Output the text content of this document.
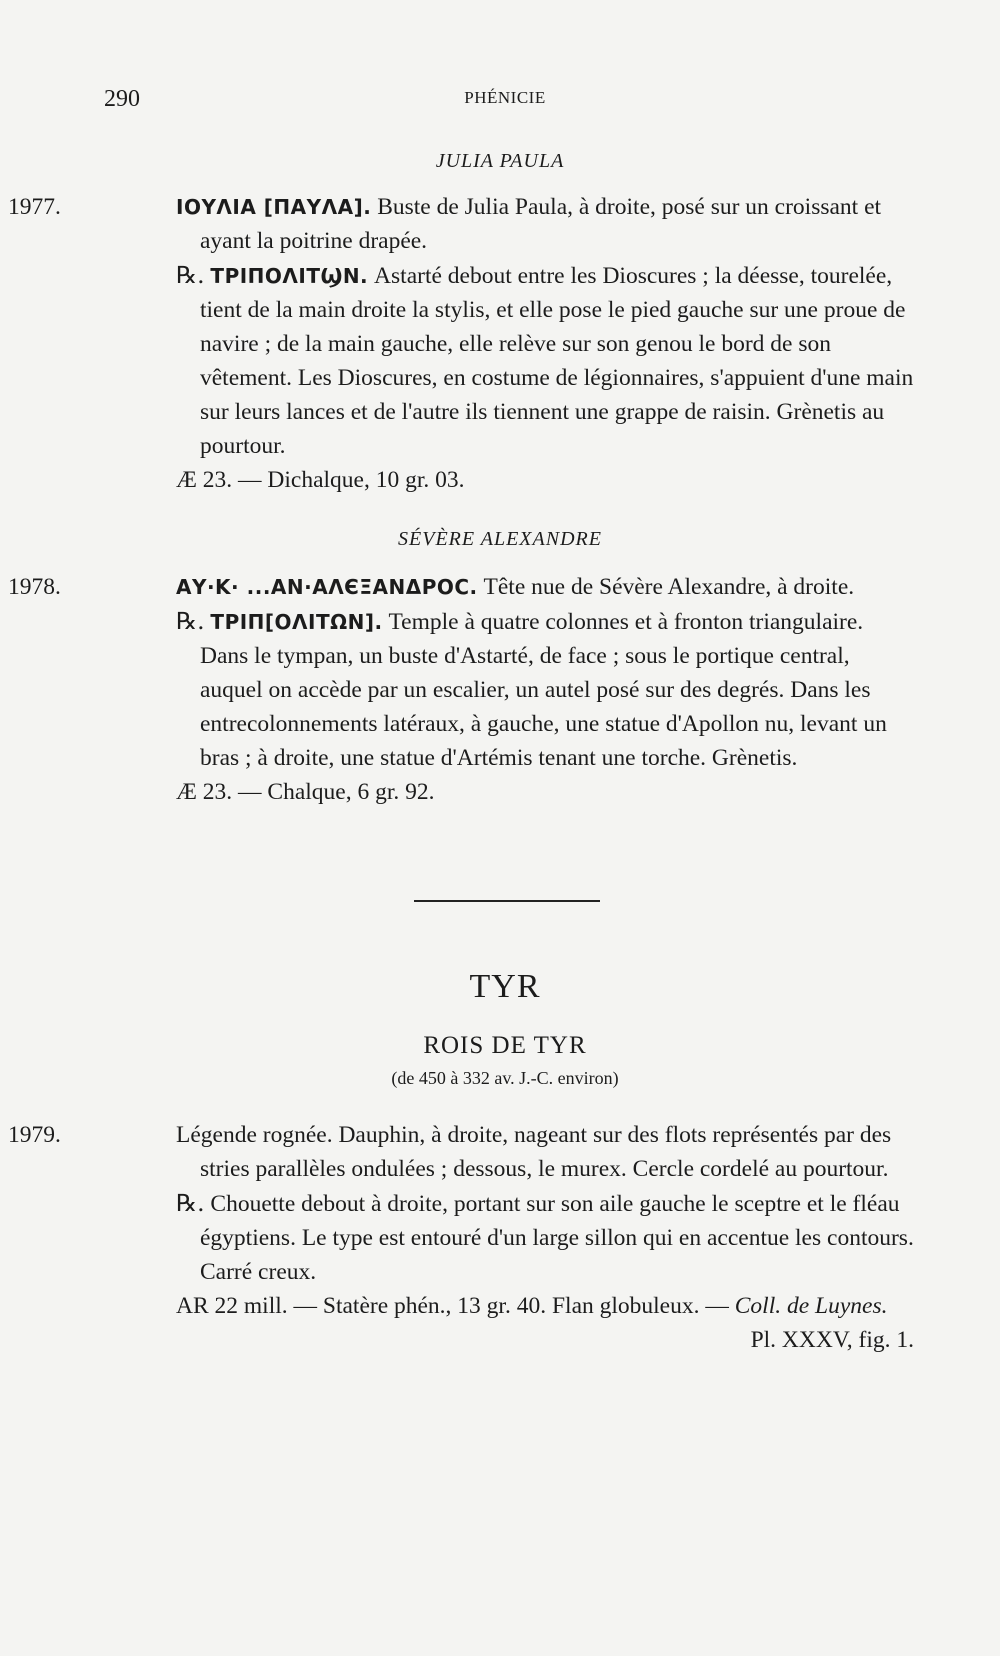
290	PHÉNICIE
JULIA PAULA

1977.	ΙΟΥΛΙΑ [ΠΑΥΛΑ]. Buste de Julia Paula, à droite, posé sur un croissant et ayant la poitrine drapée.

℞. ΤΡΙΠΟΛΙΤϢΝ. Astarté debout entre les Dioscures ; la déesse, tourelée, tient de la main droite la stylis, et elle pose le pied gauche sur une proue de navire ; de la main gauche, elle relève sur son genou le bord de son vêtement. Les Dioscures, en costume de légionnaires, s'appuient d'une main sur leurs lances et de l'autre ils tiennent une grappe de raisin. Grènetis au pourtour.

Æ 23. — Dichalque, 10 gr. 03.

SÉVÈRE ALEXANDRE

1978.	ΑΥ·Κ· ...ΑΝ·ΑΛЄΞΑΝΔΡΟϹ. Tête nue de Sévère Alexandre, à droite.

℞. ΤΡΙΠ[ΟΛΙΤΩΝ]. Temple à quatre colonnes et à fronton triangulaire. Dans le tympan, un buste d'Astarté, de face ; sous le portique central, auquel on accède par un escalier, un autel posé sur des degrés. Dans les entrecolonnements latéraux, à gauche, une statue d'Apollon nu, levant un bras ; à droite, une statue d'Artémis tenant une torche. Grènetis.

Æ 23. — Chalque, 6 gr. 92.

TYR
ROIS DE TYR
(de 450 à 332 av. J.-C. environ)

1979.	Légende rognée. Dauphin, à droite, nageant sur des flots représentés par des stries parallèles ondulées ; dessous, le murex. Cercle cordelé au pourtour.

℞. Chouette debout à droite, portant sur son aile gauche le sceptre et le fléau égyptiens. Le type est entouré d'un large sillon qui en accentue les contours. Carré creux.

AR 22 mill. — Statère phén., 13 gr. 40. Flan globuleux. — Coll. de Luynes.

Pl. XXXV, fig. 1.
